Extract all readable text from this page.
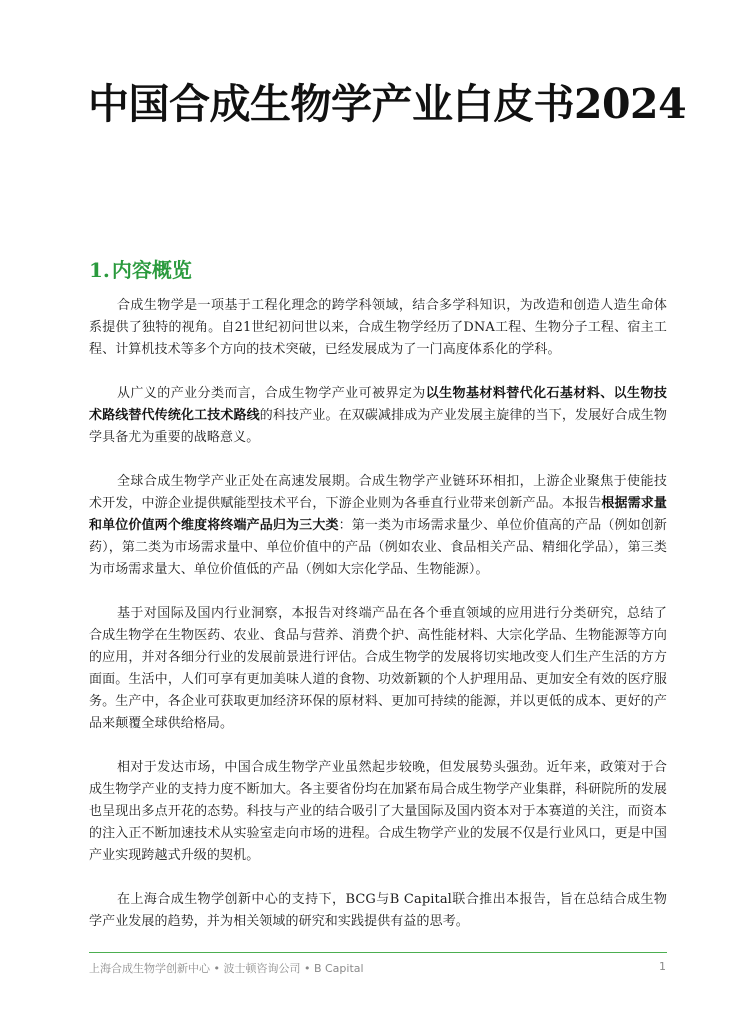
中国合成生物学产业白皮书2024
1. 内容概览

合成生物学是一项基于工程化理念的跨学科领域，结合多学科知识，为改造和创造人造生命体系提供了独特的视角。自21世纪初问世以来，合成生物学经历了DNA工程、生物分子工程、宿主工程、计算机技术等多个方向的技术突破，已经发展成为了一门高度体系化的学科。

从广义的产业分类而言，合成生物学产业可被界定为以生物基材料替代化石基材料、以生物技术路线替代传统化工技术路线的科技产业。在双碳减排成为产业发展主旋律的当下，发展好合成生物学具备尤为重要的战略意义。

全球合成生物学产业正处在高速发展期。合成生物学产业链环环相扣，上游企业聚焦于使能技术开发，中游企业提供赋能型技术平台，下游企业则为各垂直行业带来创新产品。本报告根据需求量和单位价值两个维度将终端产品归为三大类：第一类为市场需求量少、单位价值高的产品（例如创新药），第二类为市场需求量中、单位价值中的产品（例如农业、食品相关产品、精细化学品），第三类为市场需求量大、单位价值低的产品（例如大宗化学品、生物能源）。

基于对国际及国内行业洞察，本报告对终端产品在各个垂直领域的应用进行分类研究，总结了合成生物学在生物医药、农业、食品与营养、消费个护、高性能材料、大宗化学品、生物能源等方向的应用，并对各细分行业的发展前景进行评估。合成生物学的发展将切实地改变人们生产生活的方方面面。生活中，人们可享有更加美味人道的食物、功效新颖的个人护理用品、更加安全有效的医疗服务。生产中，各企业可获取更加经济环保的原材料、更加可持续的能源，并以更低的成本、更好的产品来颠覆全球供给格局。

相对于发达市场，中国合成生物学产业虽然起步较晚，但发展势头强劲。近年来，政策对于合成生物学产业的支持力度不断加大。各主要省份均在加紧布局合成生物学产业集群，科研院所的发展也呈现出多点开花的态势。科技与产业的结合吸引了大量国际及国内资本对于本赛道的关注，而资本的注入正不断加速技术从实验室走向市场的进程。合成生物学产业的发展不仅是行业风口，更是中国产业实现跨越式升级的契机。

在上海合成生物学创新中心的支持下，BCG与B Capital联合推出本报告，旨在总结合成生物学产业发展的趋势，并为相关领域的研究和实践提供有益的思考。

上海合成生物学创新中心 • 波士顿咨询公司 • B Capital	1
